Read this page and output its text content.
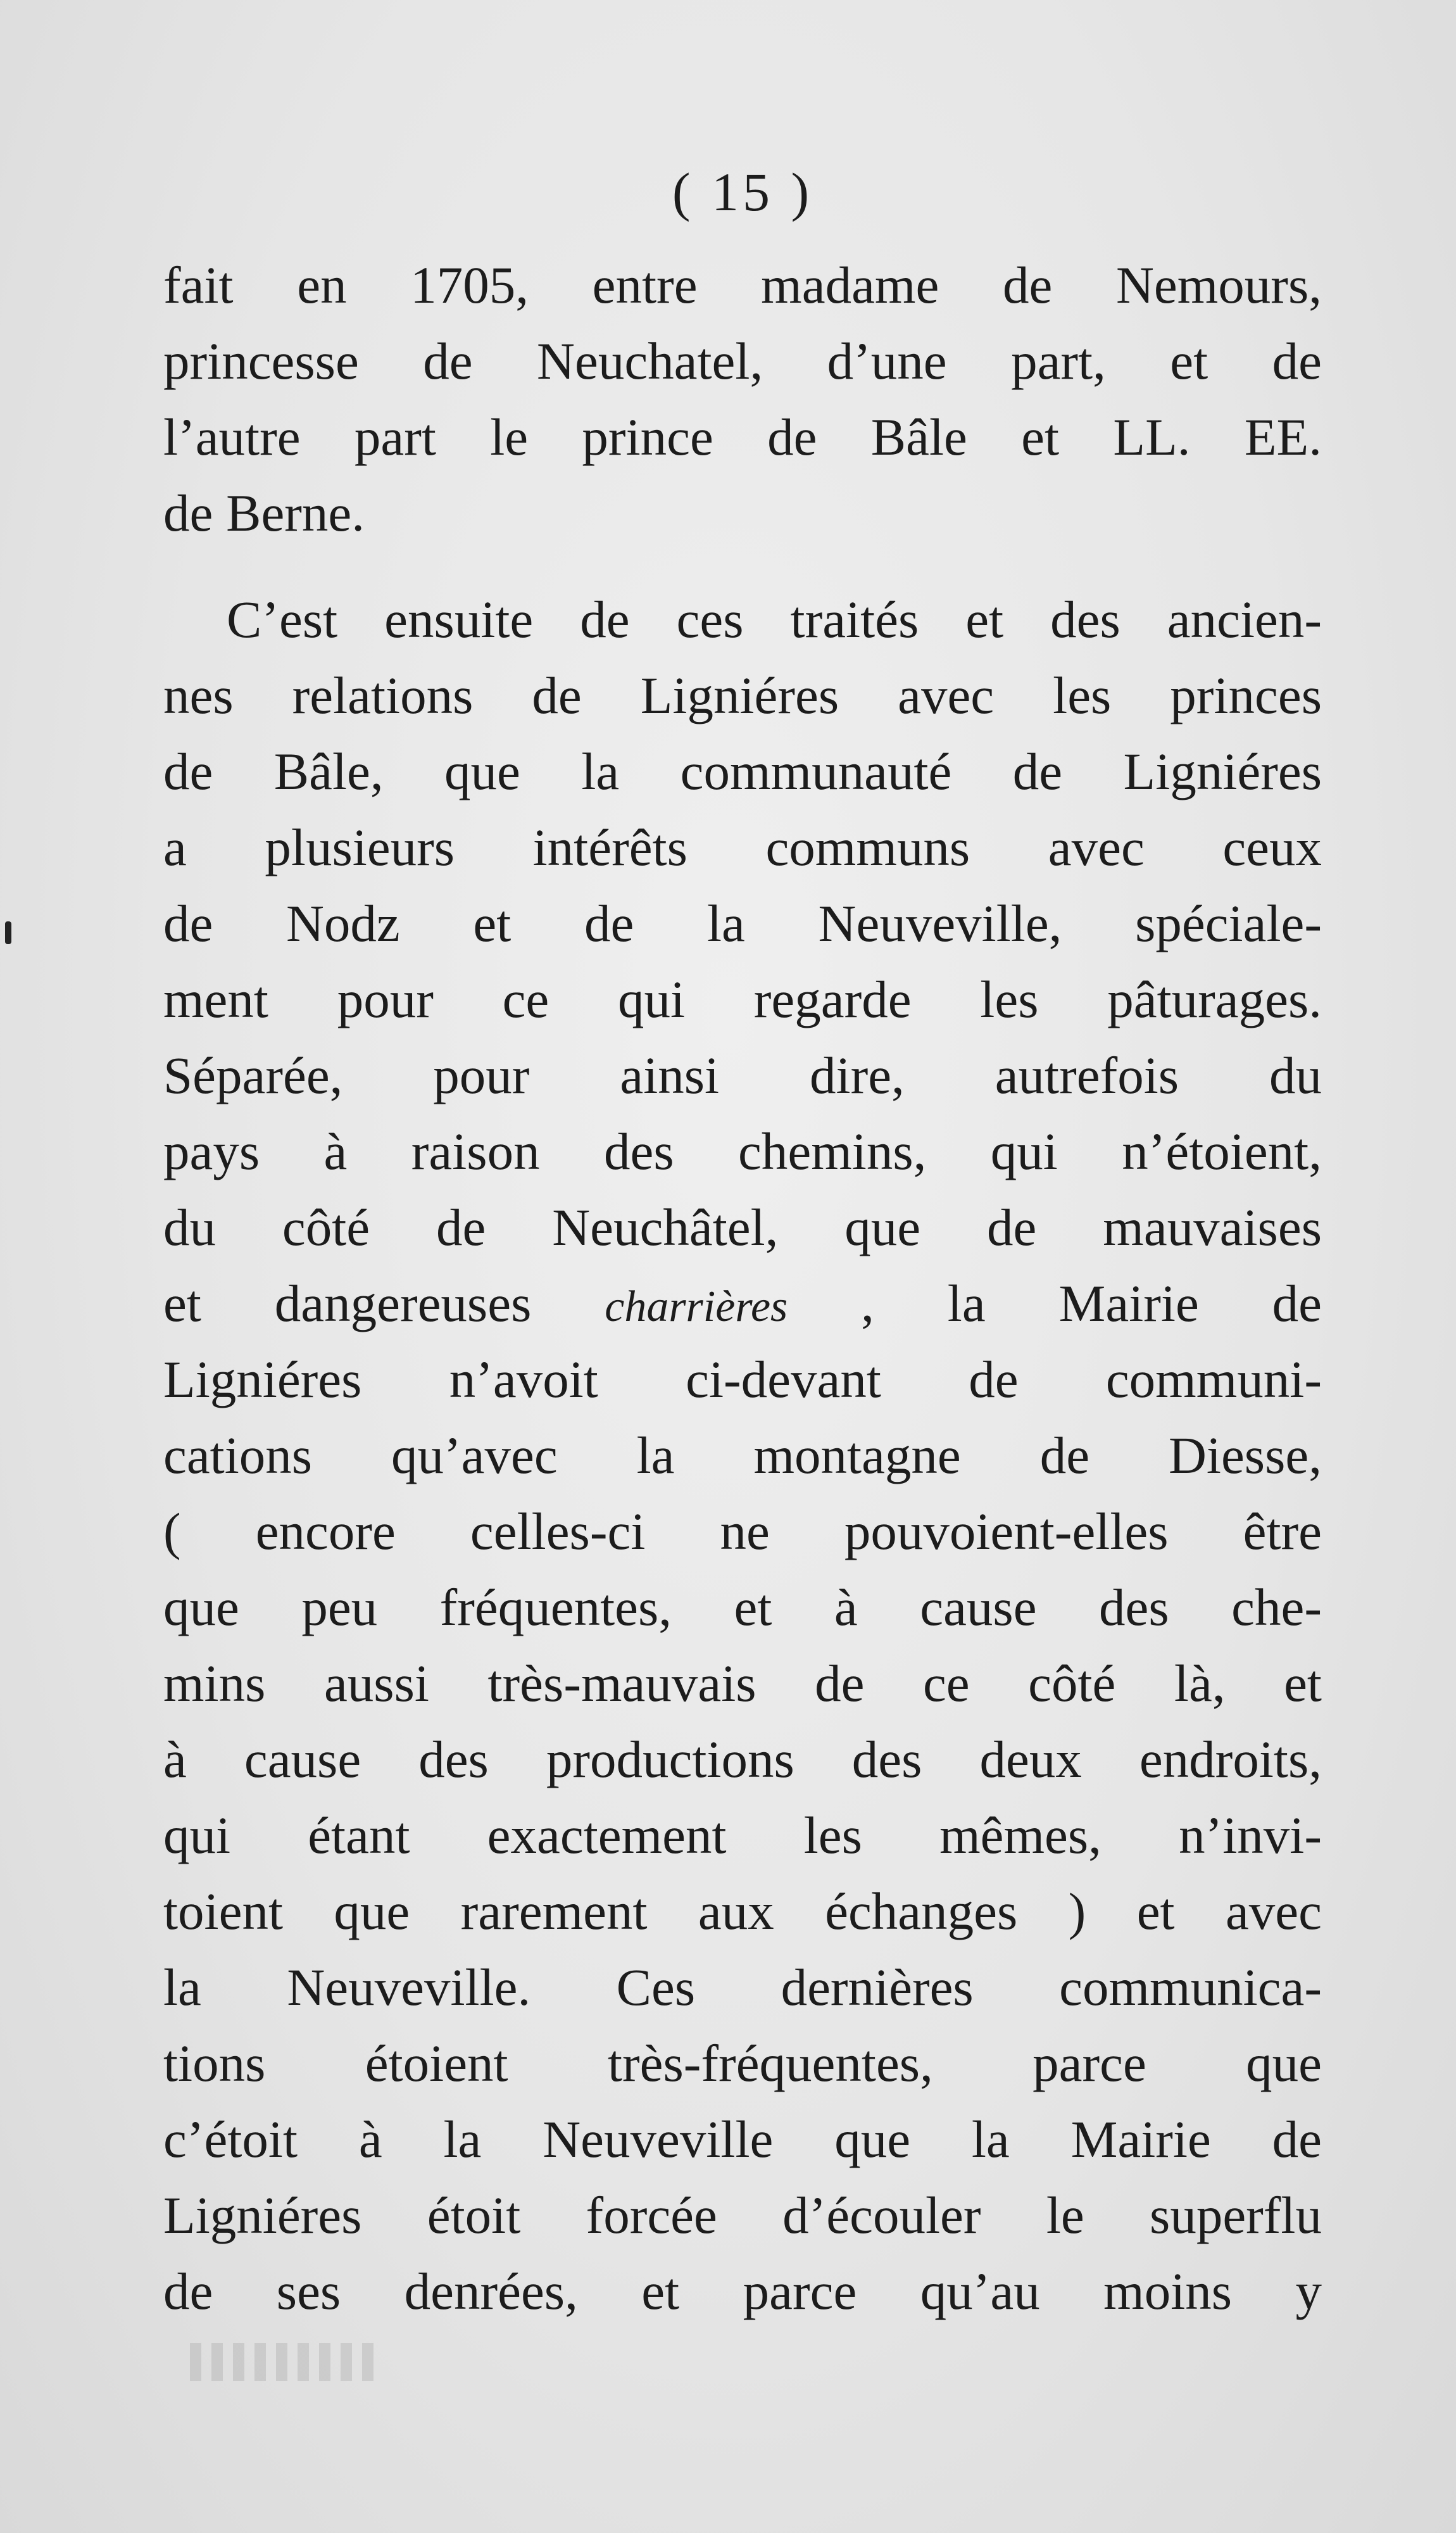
( 15 )
fait en 1705, entre madame de Nemours,
princesse de Neuchatel, d’une part, et de
l’autre part le prince de Bâle et LL. EE.
de Berne.
C’est ensuite de ces traités et des ancien-
nes relations de Ligniéres avec les princes
de Bâle, que la communauté de Ligniéres
a plusieurs intérêts communs avec ceux
de Nodz et de la Neuveville, spéciale-
ment pour ce qui regarde les pâturages.
Séparée, pour ainsi dire, autrefois du
pays à raison des chemins, qui n’étoient,
du côté de Neuchâtel, que de mauvaises
et dangereuses charrières , la Mairie de
Ligniéres n’avoit ci-devant de communi-
cations qu’avec la montagne de Diesse,
( encore celles-ci ne pouvoient-elles être
que peu fréquentes, et à cause des che-
mins aussi très-mauvais de ce côté là, et
à cause des productions des deux endroits,
qui étant exactement les mêmes, n’invi-
toient que rarement aux échanges ) et avec
la Neuveville. Ces dernières communica-
tions étoient très-fréquentes, parce que
c’étoit à la Neuveville que la Mairie de
Ligniéres étoit forcée d’écouler le superflu
de ses denrées, et parce qu’au moins y
